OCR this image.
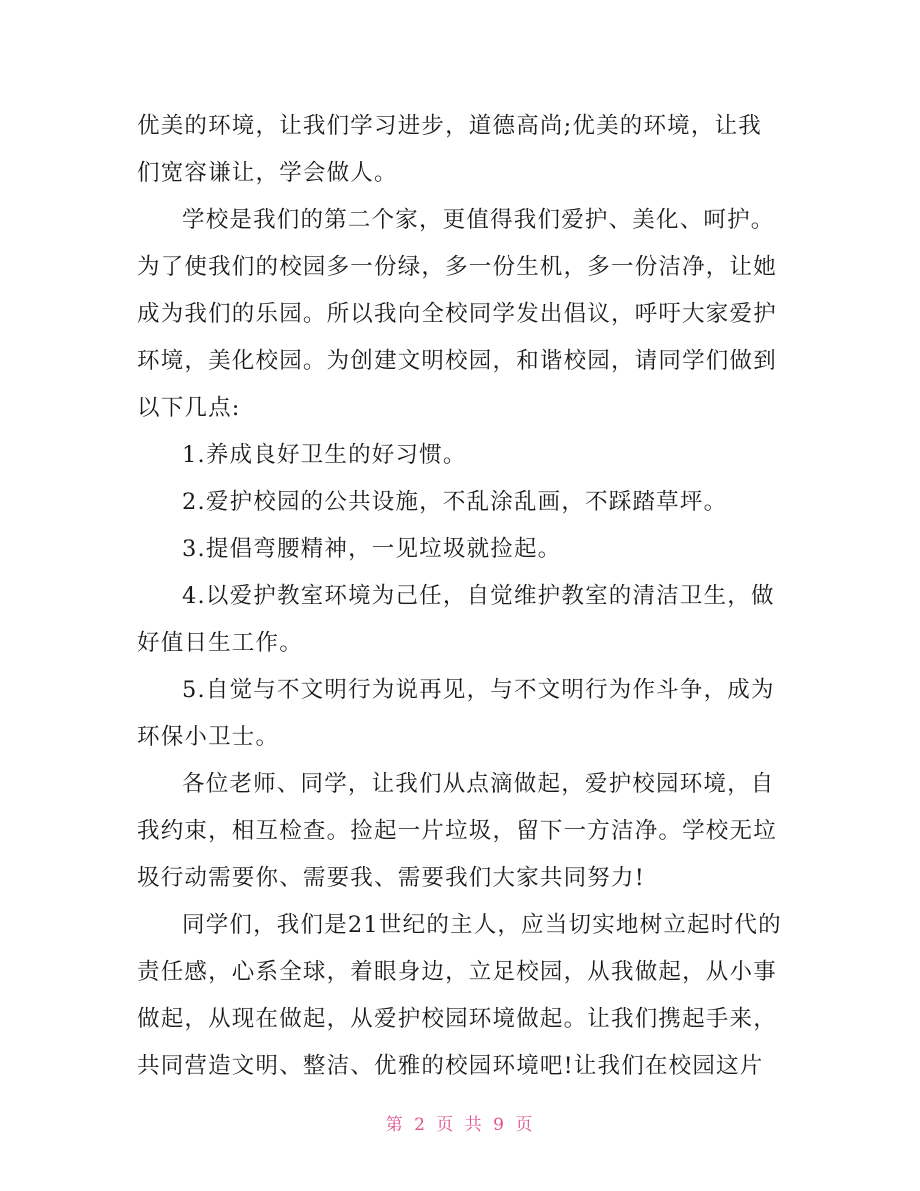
优美的环境，让我们学习进步，道德高尚;优美的环境，让我
们宽容谦让，学会做人。
学校是我们的第二个家，更值得我们爱护、美化、呵护。
为了使我们的校园多一份绿，多一份生机，多一份洁净，让她
成为我们的乐园。所以我向全校同学发出倡议，呼吁大家爱护
环境，美化校园。为创建文明校园，和谐校园，请同学们做到
以下几点:
1.养成良好卫生的好习惯。
2.爱护校园的公共设施，不乱涂乱画，不踩踏草坪。
3.提倡弯腰精神，一见垃圾就捡起。
4.以爱护教室环境为己任，自觉维护教室的清洁卫生，做
好值日生工作。
5.自觉与不文明行为说再见，与不文明行为作斗争，成为
环保小卫士。
各位老师、同学，让我们从点滴做起，爱护校园环境，自
我约束，相互检查。捡起一片垃圾，留下一方洁净。学校无垃
圾行动需要你、需要我、需要我们大家共同努力!
同学们，我们是21世纪的主人，应当切实地树立起时代的
责任感，心系全球，着眼身边，立足校园，从我做起，从小事
做起，从现在做起，从爱护校园环境做起。让我们携起手来，
共同营造文明、整洁、优雅的校园环境吧!让我们在校园这片
第 2 页 共 9 页
